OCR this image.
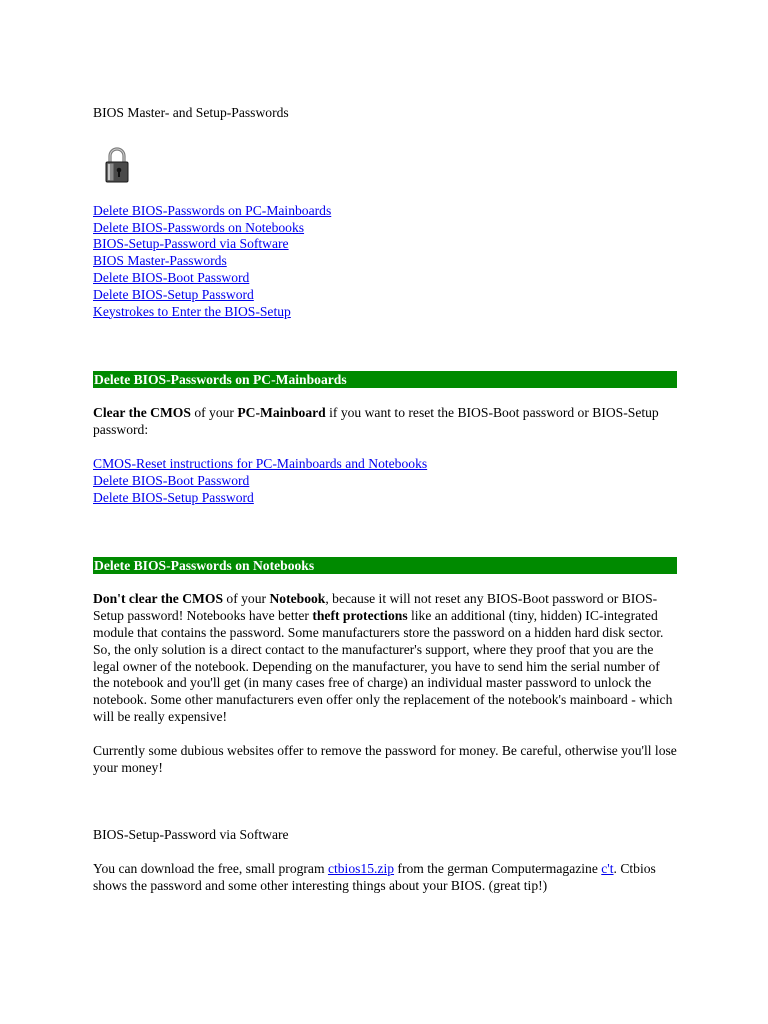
BIOS Master- and Setup-Passwords
Delete BIOS-Passwords on PC-Mainboards
Delete BIOS-Passwords on Notebooks
BIOS-Setup-Password via Software
BIOS Master-Passwords
Delete BIOS-Boot Password
Delete BIOS-Setup Password
Keystrokes to Enter the BIOS-Setup
Delete BIOS-Passwords on PC-Mainboards

Clear the CMOS of your PC-Mainboard if you want to reset the BIOS-Boot password or BIOS-Setup password:

CMOS-Reset instructions for PC-Mainboards and Notebooks
Delete BIOS-Boot Password
Delete BIOS-Setup Password
Delete BIOS-Passwords on Notebooks

Don't clear the CMOS of your Notebook, because it will not reset any BIOS-Boot password or BIOS-Setup password! Notebooks have better theft protections like an additional (tiny, hidden) IC-integrated module that contains the password. Some manufacturers store the password on a hidden hard disk sector. So, the only solution is a direct contact to the manufacturer's support, where they proof that you are the legal owner of the notebook. Depending on the manufacturer, you have to send him the serial number of the notebook and you'll get (in many cases free of charge) an individual master password to unlock the notebook. Some other manufacturers even offer only the replacement of the notebook's mainboard - which will be really expensive!

Currently some dubious websites offer to remove the password for money. Be careful, otherwise you'll lose your money!

BIOS-Setup-Password via Software

You can download the free, small program ctbios15.zip from the german Computermagazine c't. Ctbios shows the password and some other interesting things about your BIOS. (great tip!)
